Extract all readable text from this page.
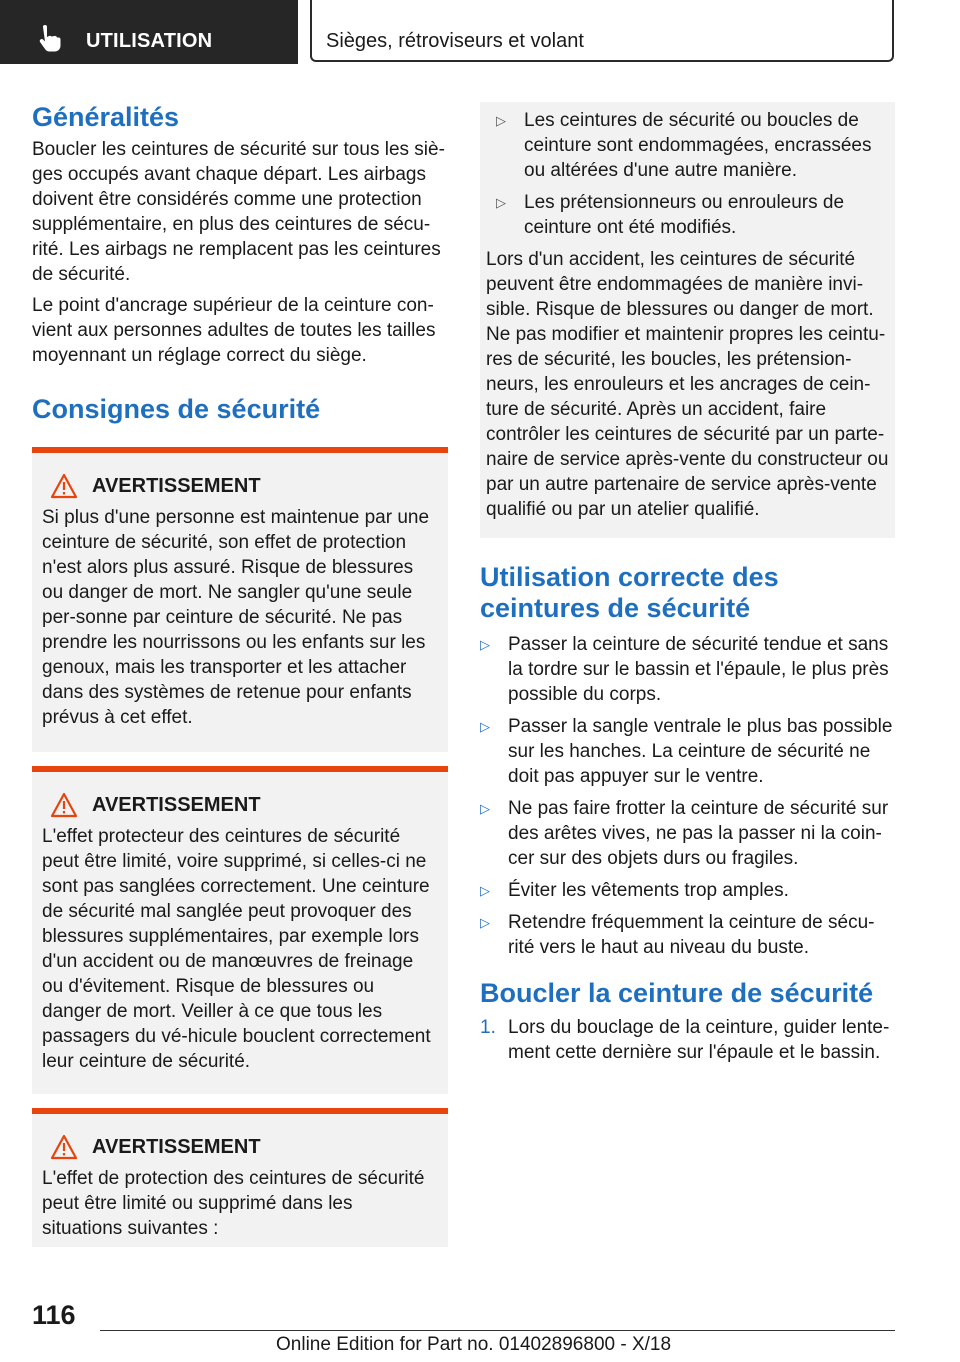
UTILISATION	Sièges, rétroviseurs et volant
Généralités

Boucler les ceintures de sécurité sur tous les siè-ges occupés avant chaque départ. Les airbags doivent être considérés comme une protection supplémentaire, en plus des ceintures de sécu-rité. Les airbags ne remplacent pas les ceintures de sécurité.

Le point d'ancrage supérieur de la ceinture con-vient aux personnes adultes de toutes les tailles moyennant un réglage correct du siège.

Consignes de sécurité
AVERTISSEMENT

Si plus d'une personne est maintenue par une ceinture de sécurité, son effet de protection n'est alors plus assuré. Risque de blessures ou danger de mort. Ne sangler qu'une seule per-sonne par ceinture de sécurité. Ne pas prendre les nourrissons ou les enfants sur les genoux, mais les transporter et les attacher dans des systèmes de retenue pour enfants prévus à cet effet.

AVERTISSEMENT

L'effet protecteur des ceintures de sécurité peut être limité, voire supprimé, si celles-ci ne sont pas sanglées correctement. Une ceinture de sécurité mal sanglée peut provoquer des blessures supplémentaires, par exemple lors d'un accident ou de manœuvres de freinage ou d'évitement. Risque de blessures ou danger de mort. Veiller à ce que tous les passagers du vé-hicule bouclent correctement leur ceinture de sécurité.

AVERTISSEMENT

L'effet de protection des ceintures de sécurité peut être limité ou supprimé dans les situations suivantes :

▷ Les ceintures de sécurité ou boucles de ceinture sont endommagées, encrassées ou altérées d'une autre manière.
▷ Les prétensionneurs ou enrouleurs de ceinture ont été modifiés.

Lors d'un accident, les ceintures de sécurité peuvent être endommagées de manière invi-sible. Risque de blessures ou danger de mort. Ne pas modifier et maintenir propres les ceintu-res de sécurité, les boucles, les prétension-neurs, les enrouleurs et les ancrages de cein-ture de sécurité. Après un accident, faire contrôler les ceintures de sécurité par un parte-naire de service après-vente du constructeur ou par un autre partenaire de service après-vente qualifié ou par un atelier qualifié.

Utilisation correcte des ceintures de sécurité
▷ Passer la ceinture de sécurité tendue et sans la tordre sur le bassin et l'épaule, le plus près possible du corps.
▷ Passer la sangle ventrale le plus bas possible sur les hanches. La ceinture de sécurité ne doit pas appuyer sur le ventre.
▷ Ne pas faire frotter la ceinture de sécurité sur des arêtes vives, ne pas la passer ni la coin-cer sur des objets durs ou fragiles.
▷ Éviter les vêtements trop amples.
▷ Retendre fréquemment la ceinture de sécu-rité vers le haut au niveau du buste.
Boucler la ceinture de sécurité
1. Lors du bouclage de la ceinture, guider lente-ment cette dernière sur l'épaule et le bassin.
116
Online Edition for Part no. 01402896800 - X/18
